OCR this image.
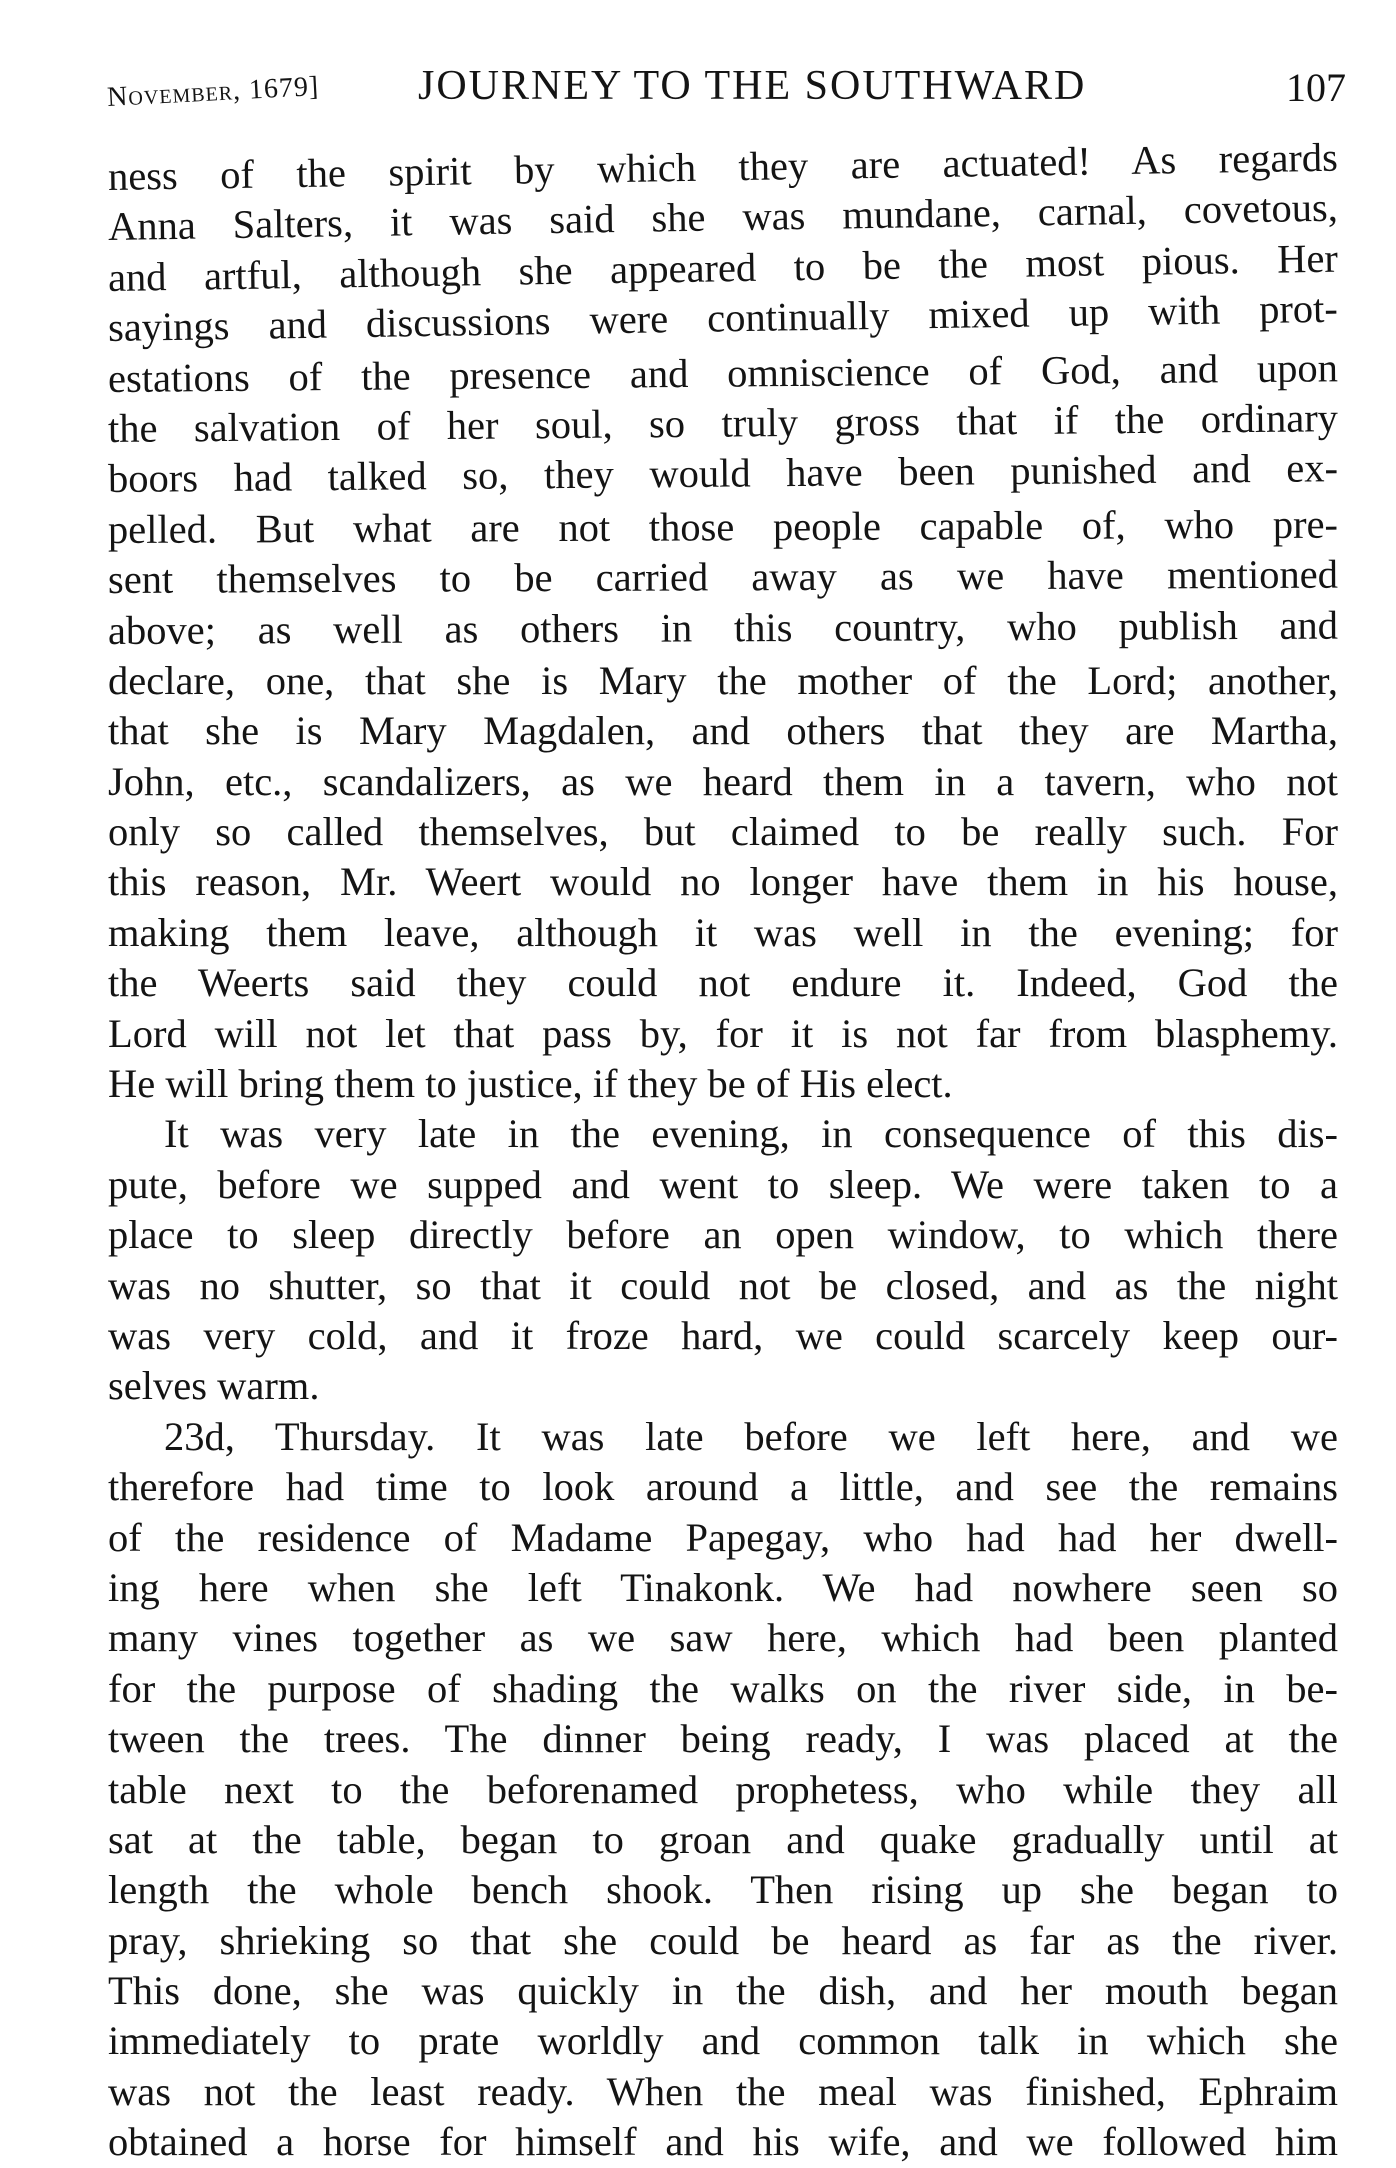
November, 1679] JOURNEY TO THE SOUTHWARD	107
ness of the spirit by which they are actuated! As regards
Anna Salters, it was said she was mundane, carnal, covetous,
and artful, although she appeared to be the most pious. Her
sayings and discussions were continually mixed up with prot-
estations of the presence and omniscience of God, and upon
the salvation of her soul, so truly gross that if the ordinary
boors had talked so, they would have been punished and ex-
pelled. But what are not those people capable of, who pre-
sent themselves to be carried away as we have mentioned
above; as well as others in this country, who publish and
declare, one, that she is Mary the mother of the Lord; another,
that she is Mary Magdalen, and others that they are Martha,
John, etc., scandalizers, as we heard them in a tavern, who not
only so called themselves, but claimed to be really such. For
this reason, Mr. Weert would no longer have them in his house,
making them leave, although it was well in the evening; for
the Weerts said they could not endure it. Indeed, God the
Lord will not let that pass by, for it is not far from blasphemy.
He will bring them to justice, if they be of His elect.
It was very late in the evening, in consequence of this dis-
pute, before we supped and went to sleep. We were taken to a
place to sleep directly before an open window, to which there
was no shutter, so that it could not be closed, and as the night
was very cold, and it froze hard, we could scarcely keep our-
selves warm.
23d, Thursday. It was late before we left here, and we
therefore had time to look around a little, and see the remains
of the residence of Madame Papegay, who had had her dwell-
ing here when she left Tinakonk. We had nowhere seen so
many vines together as we saw here, which had been planted
for the purpose of shading the walks on the river side, in be-
tween the trees. The dinner being ready, I was placed at the
table next to the beforenamed prophetess, who while they all
sat at the table, began to groan and quake gradually until at
length the whole bench shook. Then rising up she began to
pray, shrieking so that she could be heard as far as the river.
This done, she was quickly in the dish, and her mouth began
immediately to prate worldly and common talk in which she
was not the least ready. When the meal was finished, Ephraim
obtained a horse for himself and his wife, and we followed him
